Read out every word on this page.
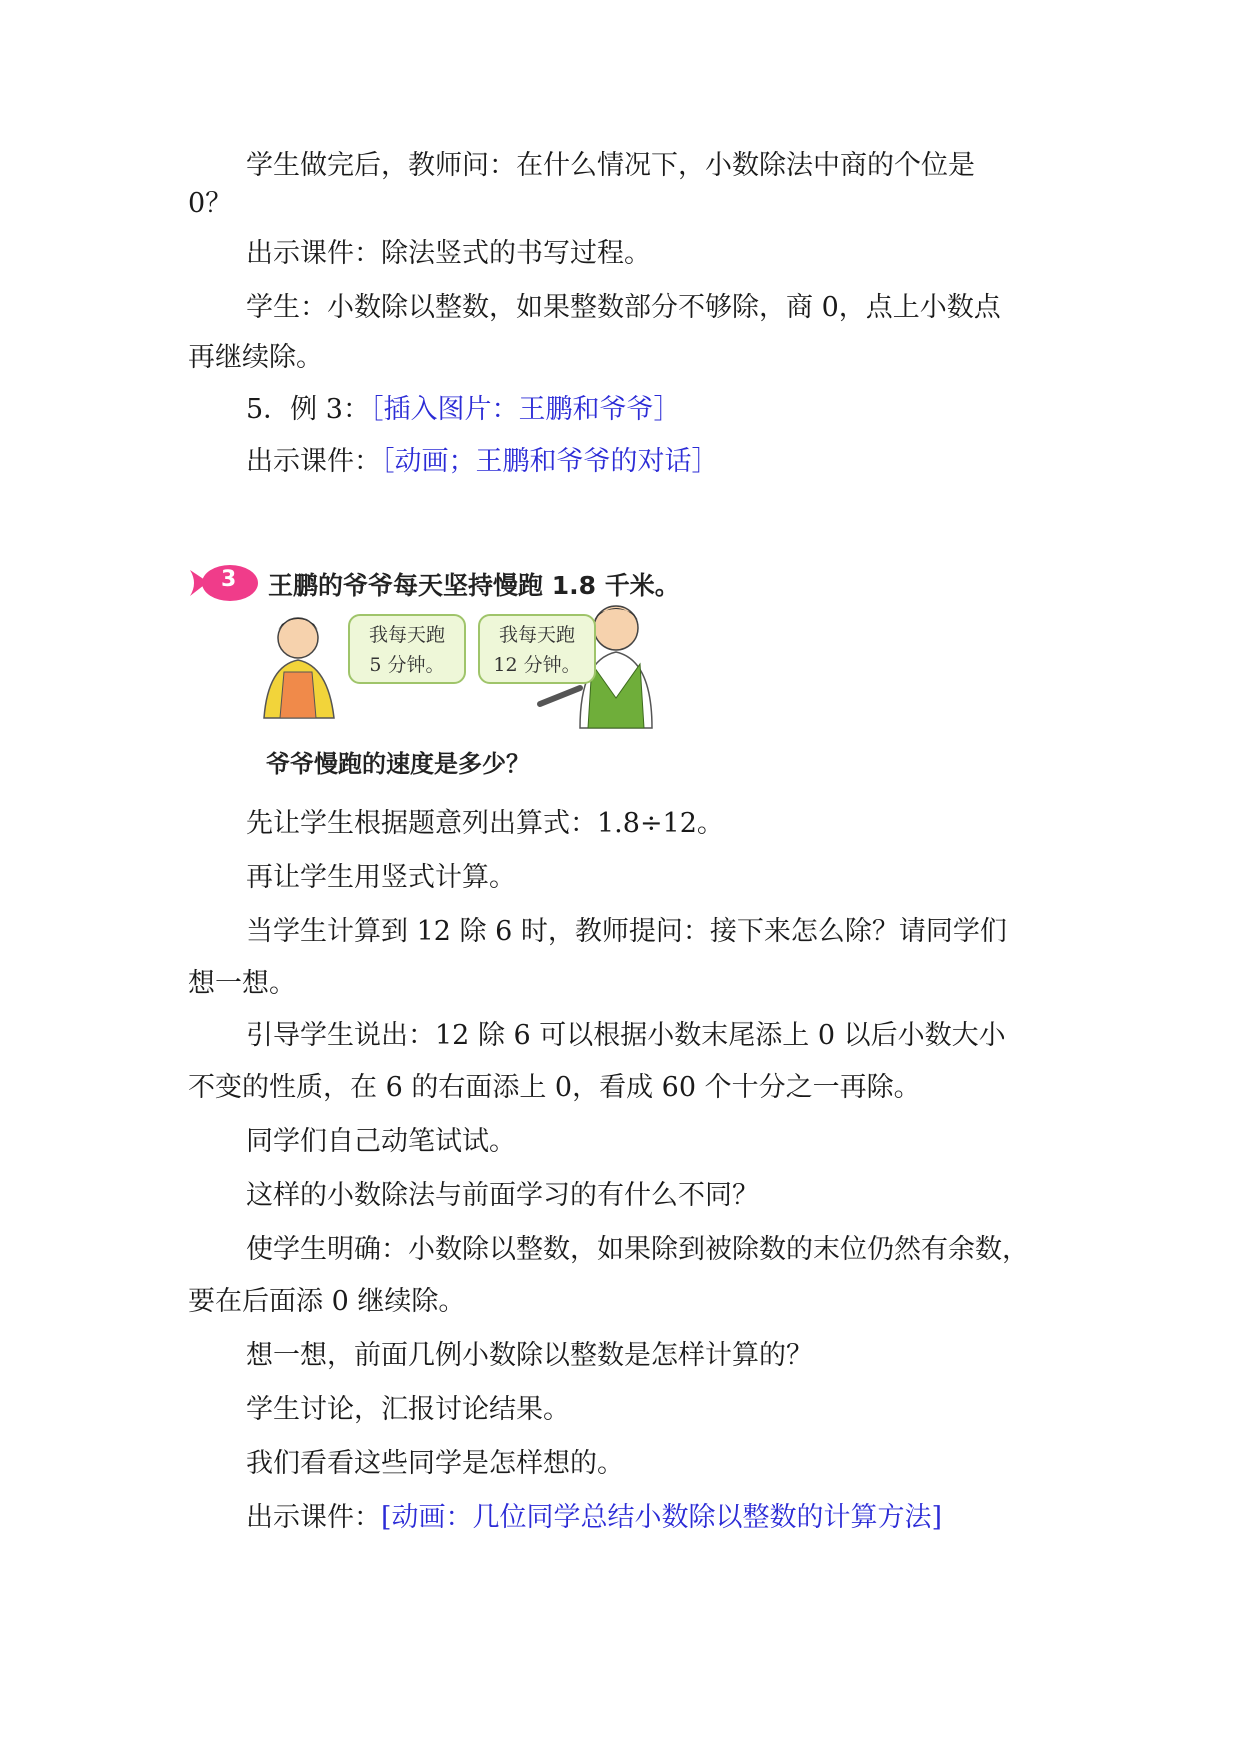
学生做完后，教师问：在什么情况下，小数除法中商的个位是

0？

出示课件：除法竖式的书写过程。

学生：小数除以整数，如果整数部分不够除，商 0，点上小数点

再继续除。

5．例 3：［插入图片：王鹏和爷爷］

出示课件：［动画；王鹏和爷爷的对话］

王鹏的爷爷每天坚持慢跑 1.8 千米。
3
我每天跑
5 分钟。
我每天跑
12 分钟。
爷爷慢跑的速度是多少？

先让学生根据题意列出算式：1.8÷12。

再让学生用竖式计算。

当学生计算到 12 除 6 时，教师提问：接下来怎么除？请同学们

想一想。

引导学生说出：12 除 6 可以根据小数末尾添上 0 以后小数大小

不变的性质，在 6 的右面添上 0，看成 60 个十分之一再除。

同学们自己动笔试试。

这样的小数除法与前面学习的有什么不同？

使学生明确：小数除以整数，如果除到被除数的末位仍然有余数，

要在后面添 0 继续除。

想一想，前面几例小数除以整数是怎样计算的？

学生讨论，汇报讨论结果。

我们看看这些同学是怎样想的。

出示课件：[动画：几位同学总结小数除以整数的计算方法]
